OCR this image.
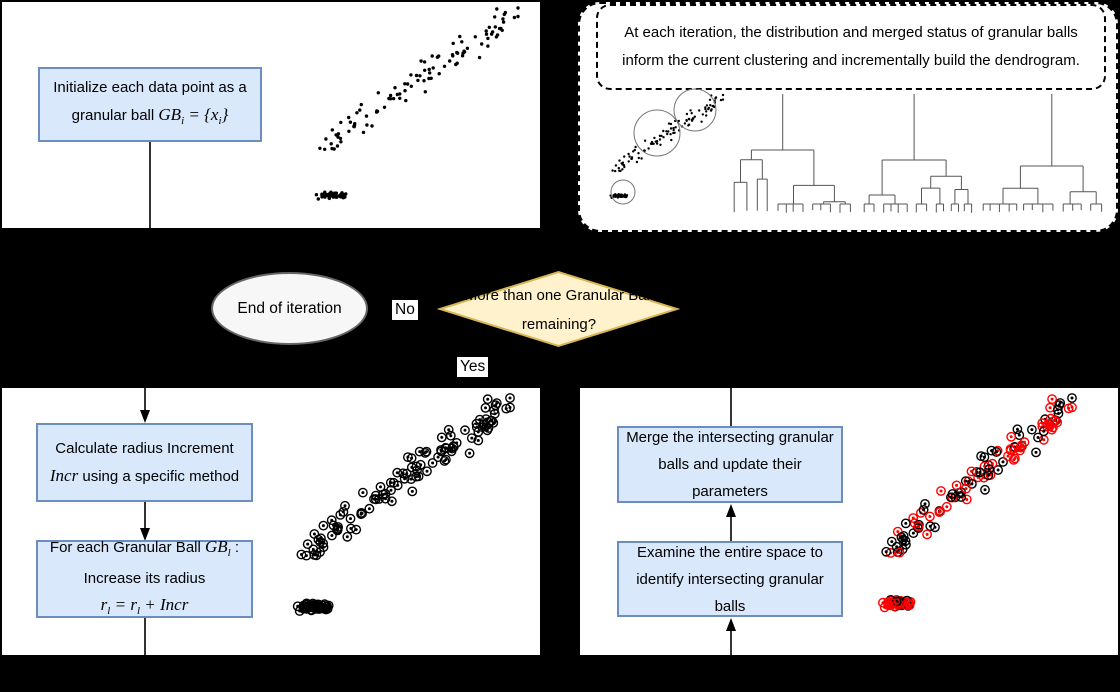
At each iteration, the distribution and merged status of granular balls inform the current clustering and incrementally build the dendrogram.
Initialize each data point as a
granular ball $GB_i = \{x_i\}$
Calculate radius Increment
Incr using a specific method
For each Granular Ball $GB_l$ :
Increase its radius
$r_l = r_l$ + Incr
Merge the intersecting granular balls and update their parameters
Examine the entire space to identify intersecting granular balls
End of iteration
More than one Granular Ball
remaining?
No
Yes
